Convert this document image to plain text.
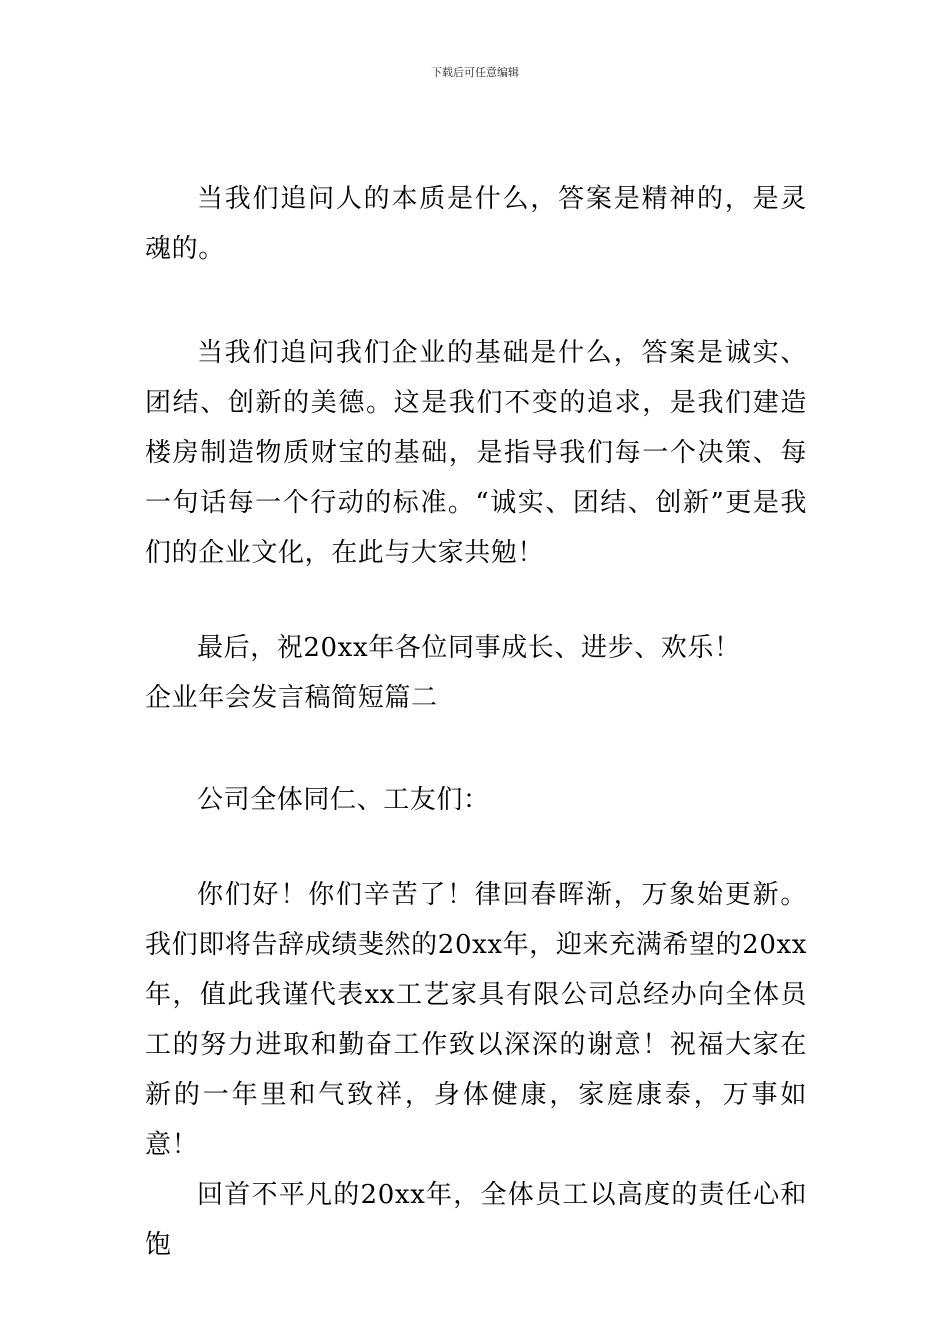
下载后可任意编辑

当我们追问人的本质是什么，答案是精神的，是灵魂的。

当我们追问我们企业的基础是什么，答案是诚实、团结、创新的美德。这是我们不变的追求，是我们建造楼房制造物质财宝的基础，是指导我们每一个决策、每一句话每一个行动的标准。“诚实、团结、创新”更是我们的企业文化，在此与大家共勉！

最后，祝20xx年各位同事成长、进步、欢乐！

企业年会发言稿简短篇二

公司全体同仁、工友们：

你们好！你们辛苦了！律回春晖渐，万象始更新。我们即将告辞成绩斐然的20xx年，迎来充满希望的20xx年，值此我谨代表xx工艺家具有限公司总经办向全体员工的努力进取和勤奋工作致以深深的谢意！祝福大家在新的一年里和气致祥，身体健康，家庭康泰，万事如意！

回首不平凡的20xx年，全体员工以高度的责任心和饱
